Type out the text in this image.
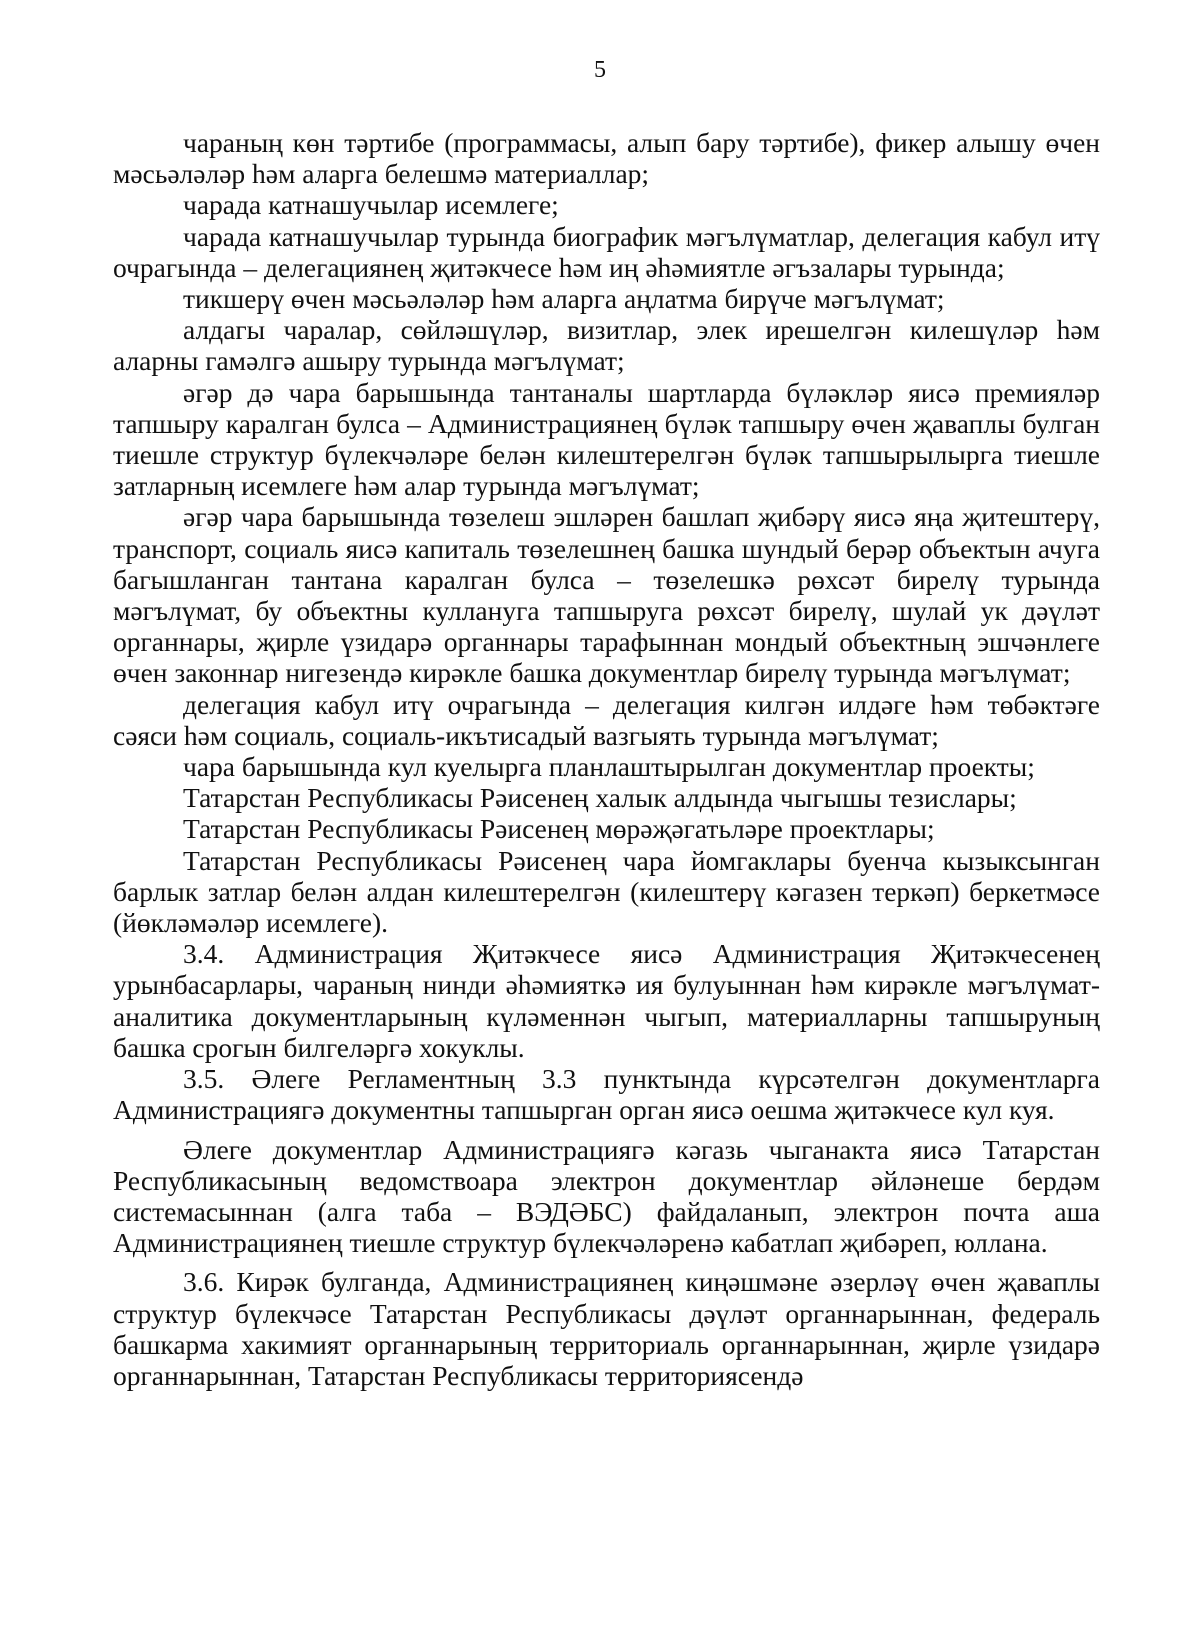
5

чараның көн тәртибе (программасы, алып бару тәртибе), фикер алышу өчен мәсьәләләр һәм аларга белешмә материаллар;

чарада катнашучылар исемлеге;

чарада катнашучылар турында биографик мәгълүматлар, делегация кабул итү очрагында – делегациянең җитәкчесе һәм иң әһәмиятле әгъзалары турында;

тикшерү өчен мәсьәләләр һәм аларга аңлатма бирүче мәгълүмат;

алдагы чаралар, сөйләшүләр, визитлар, элек ирешелгән килешүләр һәм аларны гамәлгә ашыру турында мәгълүмат;

әгәр дә чара барышында тантаналы шартларда бүләкләр яисә премияләр тапшыру каралган булса – Администрациянең бүләк тапшыру өчен җаваплы булган тиешле структур бүлекчәләре белән килештерелгән бүләк тапшырылырга тиешле затларның исемлеге һәм алар турында мәгълүмат;

әгәр чара барышында төзелеш эшләрен башлап җибәрү яисә яңа җитештерү, транспорт, социаль яисә капиталь төзелешнең башка шундый берәр объектын ачуга багышланган тантана каралган булса – төзелешкә рөхсәт бирелү турында мәгълүмат, бу объектны куллануга тапшыруга рөхсәт бирелү, шулай ук дәүләт органнары, җирле үзидарә органнары тарафыннан мондый объектның эшчәнлеге өчен законнар нигезендә кирәкле башка документлар бирелү турында мәгълүмат;

делегация кабул итү очрагында – делегация килгән илдәге һәм төбәктәге сәяси һәм социаль, социаль-икътисадый вазгыять турында мәгълүмат;

чара барышында кул куелырга планлаштырылган документлар проекты;

Татарстан Республикасы Рәисенең халык алдында чыгышы тезислары;

Татарстан Республикасы Рәисенең мөрәҗәгатьләре проектлары;

Татарстан Республикасы Рәисенең чара йомгаклары буенча кызыксынган барлык затлар белән алдан килештерелгән (килештерү кәгазен теркәп) беркетмәсе (йөкләмәләр исемлеге).

3.4. Администрация Җитәкчесе яисә Администрация Җитәкчесенең урынбасарлары, чараның нинди әһәмияткә ия булуыннан һәм кирәкле мәгълүмат-аналитика документларының күләменнән чыгып, материалларны тапшыруның башка срогын билгеләргә хокуклы.

3.5. Әлеге Регламентның 3.3 пунктында күрсәтелгән документларга Администрациягә документны тапшырган орган яисә оешма җитәкчесе кул куя.

Әлеге документлар Администрациягә кәгазь чыганакта яисә Татарстан Республикасының ведомствоара электрон документлар әйләнеше бердәм системасыннан (алга таба – ВЭДӘБС) файдаланып, электрон почта аша Администрациянең тиешле структур бүлекчәләренә кабатлап җибәреп, юллана.

3.6. Кирәк булганда, Администрациянең киңәшмәне әзерләү өчен җаваплы структур бүлекчәсе Татарстан Республикасы дәүләт органнарыннан, федераль башкарма хакимият органнарының территориаль органнарыннан, җирле үзидарә органнарыннан, Татарстан Республикасы территориясендә
